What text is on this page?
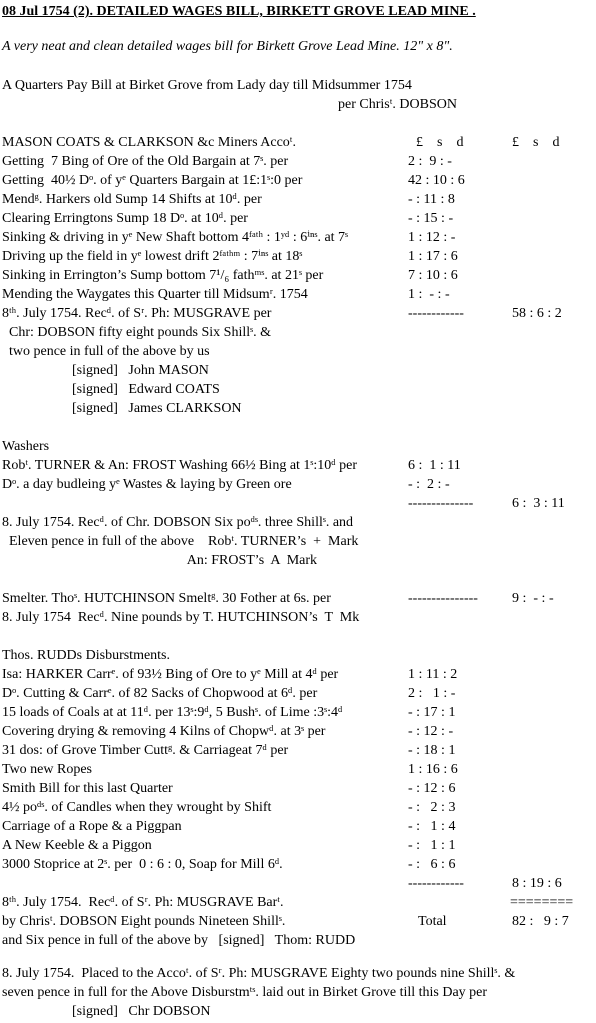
08 Jul 1754 (2). DETAILED WAGES BILL, BIRKETT GROVE LEAD MINE .
A very neat and clean detailed wages bill for Birkett Grove Lead Mine. 12" x 8".
A Quarters Pay Bill at Birket Grove from Lady day till Midsummer 1754
per Chrisᵗ. DOBSON
MASON COATS & CLARKSON &c Miners Accoᵗ.	£    s    d	£    s    d
Getting  7 Bing of Ore of the Old Bargain at 7ˢ. per	2 :  9 : -
Getting  40½ Dᵒ. of yᵉ Quarters Bargain at 1£:1ˢ:0 per	42 : 10 : 6
Mendᵍ. Harkers old Sump 14 Shifts at 10ᵈ. per	- : 11 : 8
Clearing Erringtons Sump 18 Dᵒ. at 10ᵈ. per	- : 15 : -
Sinking & driving in yᵉ New Shaft bottom 4ᶠᵃᵗʰ : 1ʸᵈ : 6ⁱⁿˢ. at 7ˢ	1 : 12 : -
Driving up the field in yᵉ lowest drift 2ᶠᵃᵗʰᵐ : 7ⁱⁿˢ at 18ˢ	1 : 17 : 6
Sinking in Errington’s Sump bottom 7¹/₆ fathᵐˢ. at 21ˢ per	7 : 10 : 6
Mending the Waygates this Quarter till Midsumʳ. 1754	1 :  - : -
8ᵗʰ. July 1754. Recᵈ. of Sʳ. Ph: MUSGRAVE per	------------	58 : 6 : 2
Chr: DOBSON fifty eight pounds Six Shillˢ. &
two pence in full of the above by us
[signed]   John MASON
[signed]   Edward COATS
[signed]   James CLARKSON
Washers
Robᵗ. TURNER & An: FROST Washing 66½ Bing at 1ˢ:10ᵈ per	6 :  1 : 11
Dᵒ. a day budleing yᵉ Wastes & laying by Green ore	- :  2 : -
--------------	6 :  3 : 11
8. July 1754. Recᵈ. of Chr. DOBSON Six poᵈˢ. three Shillˢ. and
Eleven pence in full of the above    Robᵗ. TURNER’s  +  Mark
An: FROST’s  A  Mark
Smelter. Thoˢ. HUTCHINSON Smeltᵍ. 30 Fother at 6s. per	--------------- 9 :  - : -
8. July 1754  Recᵈ. Nine pounds by T. HUTCHINSON’s  T  Mk
Thos. RUDDs Disburstments.
Isa: HARKER Carrᵉ. of 93½ Bing of Ore to yᵉ Mill at 4ᵈ per	1 : 11 : 2
Dᵒ. Cutting & Carrᵉ. of 82 Sacks of Chopwood at 6ᵈ. per	2 :   1 : -
15 loads of Coals at at 11ᵈ. per 13ˢ:9ᵈ, 5 Bushˢ. of Lime :3ˢ:4ᵈ	- : 17 : 1
Covering drying & removing 4 Kilns of Chopwᵈ. at 3ˢ per	- : 12 : -
31 dos: of Grove Timber Cuttᵍ. & Carriageat 7ᵈ per	- : 18 : 1
Two new Ropes	1 : 16 : 6
Smith Bill for this last Quarter	- : 12 : 6
4½ poᵈˢ. of Candles when they wrought by Shift	- :   2 : 3
Carriage of a Rope & a Piggpan	- :   1 : 4
A New Keeble & a Piggon	- :   1 : 1
3000 Stoprice at 2ˢ. per  0 : 6 : 0, Soap for Mill 6ᵈ.	- :   6 : 6
------------	8 : 19 : 6
8ᵗʰ. July 1754.  Recᵈ. of Sʳ. Ph: MUSGRAVE Barᵗ.	========
by Chrisᵗ. DOBSON Eight pounds Nineteen Shillˢ.	Total	82 :   9 : 7
and Six pence in full of the above by   [signed]   Thom: RUDD
8. July 1754.  Placed to the Accoᵗ. of Sʳ. Ph: MUSGRAVE Eighty two pounds nine Shillˢ. &
seven pence in full for the Above Disburstmᵗˢ. laid out in Birket Grove till this Day per
[signed]   Chr DOBSON
